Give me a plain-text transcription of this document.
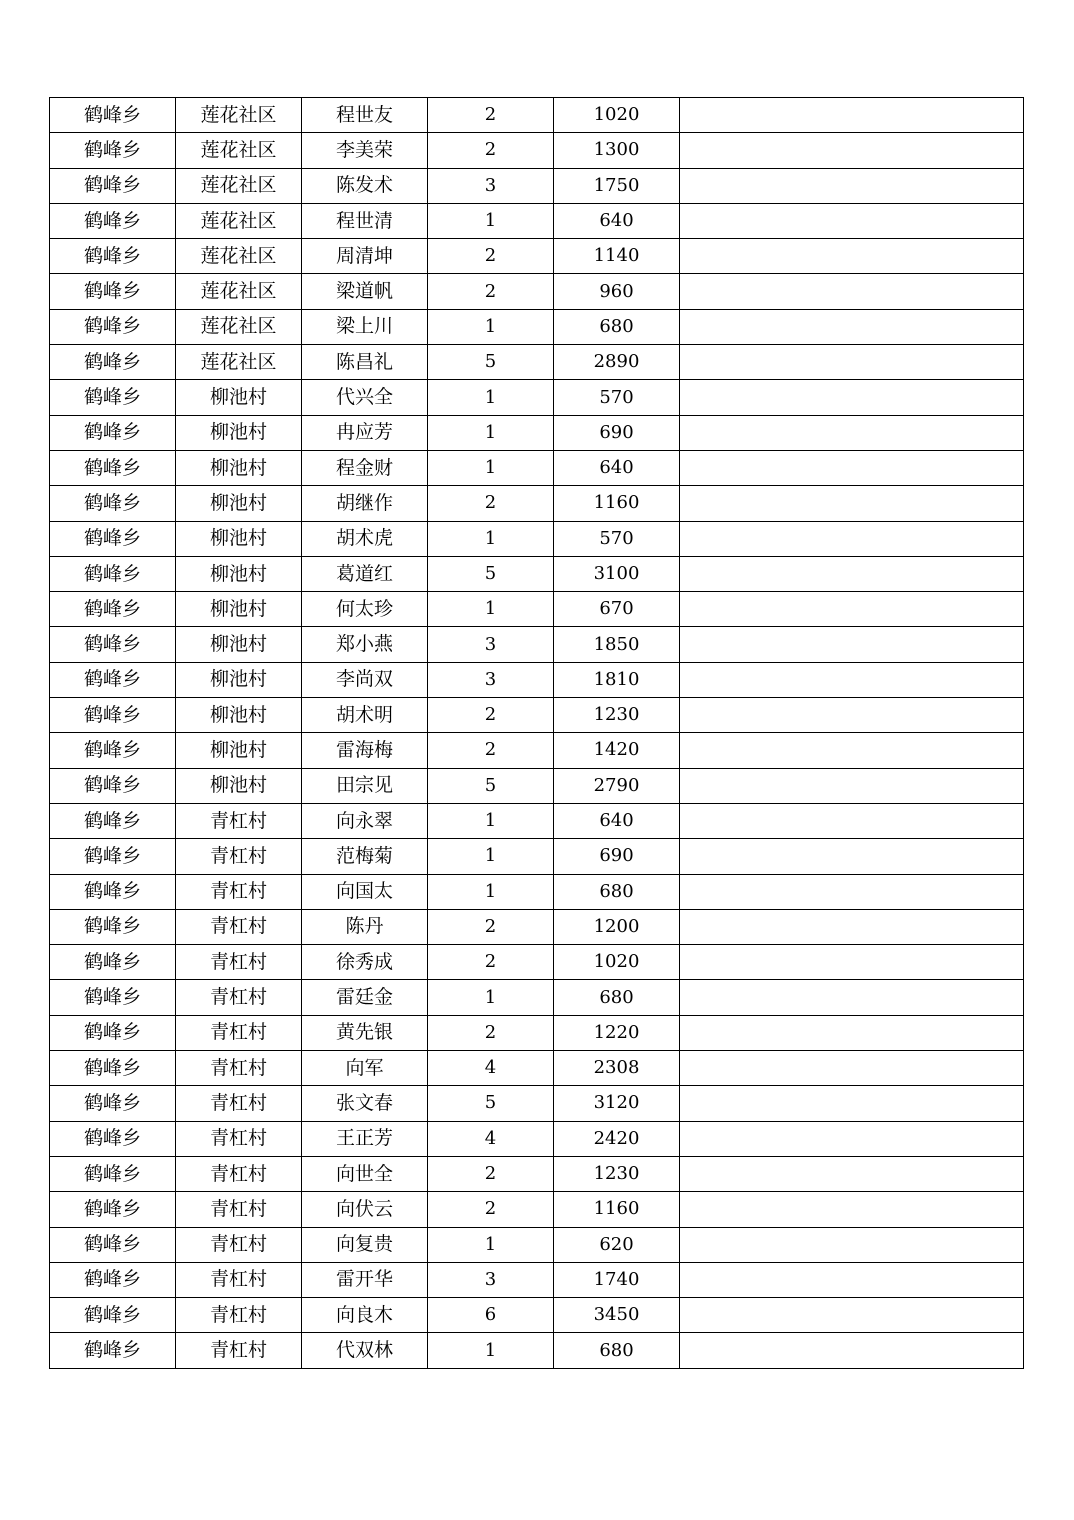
鹤峰乡	莲花社区	程世友	2	1020	
鹤峰乡	莲花社区	李美荣	2	1300	
鹤峰乡	莲花社区	陈发术	3	1750	
鹤峰乡	莲花社区	程世清	1	640	
鹤峰乡	莲花社区	周清坤	2	1140	
鹤峰乡	莲花社区	梁道帆	2	960	
鹤峰乡	莲花社区	梁上川	1	680	
鹤峰乡	莲花社区	陈昌礼	5	2890	
鹤峰乡	柳池村	代兴全	1	570	
鹤峰乡	柳池村	冉应芳	1	690	
鹤峰乡	柳池村	程金财	1	640	
鹤峰乡	柳池村	胡继作	2	1160	
鹤峰乡	柳池村	胡术虎	1	570	
鹤峰乡	柳池村	葛道红	5	3100	
鹤峰乡	柳池村	何太珍	1	670	
鹤峰乡	柳池村	郑小燕	3	1850	
鹤峰乡	柳池村	李尚双	3	1810	
鹤峰乡	柳池村	胡术明	2	1230	
鹤峰乡	柳池村	雷海梅	2	1420	
鹤峰乡	柳池村	田宗见	5	2790	
鹤峰乡	青杠村	向永翠	1	640	
鹤峰乡	青杠村	范梅菊	1	690	
鹤峰乡	青杠村	向国太	1	680	
鹤峰乡	青杠村	陈丹	2	1200	
鹤峰乡	青杠村	徐秀成	2	1020	
鹤峰乡	青杠村	雷廷金	1	680	
鹤峰乡	青杠村	黄先银	2	1220	
鹤峰乡	青杠村	向军	4	2308	
鹤峰乡	青杠村	张文春	5	3120	
鹤峰乡	青杠村	王正芳	4	2420	
鹤峰乡	青杠村	向世全	2	1230	
鹤峰乡	青杠村	向伏云	2	1160	
鹤峰乡	青杠村	向复贵	1	620	
鹤峰乡	青杠村	雷开华	3	1740	
鹤峰乡	青杠村	向良木	6	3450	
鹤峰乡	青杠村	代双林	1	680	
